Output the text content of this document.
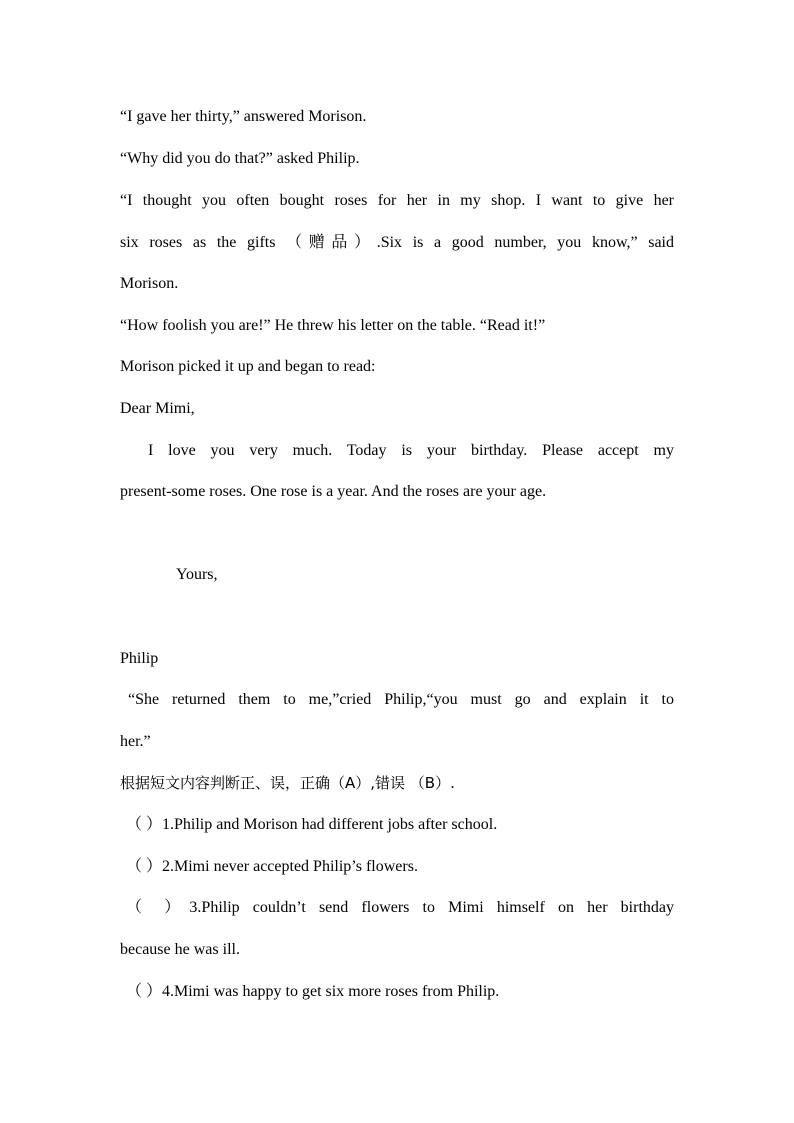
“I gave her thirty,” answered Morison.
“Why did you do that?” asked Philip.
“I thought you often bought roses for her in my shop. I want to give her
six roses as the gifts （赠品）.Six is a good number, you know,” said
Morison.
“How foolish you are!” He threw his letter on the table. “Read it!”
Morison picked it up and began to read:
Dear Mimi,
I love you very much. Today is your birthday. Please accept my
present-some roses. One rose is a year. And the roses are your age.
Yours,
Philip
“She returned them to me,”cried Philip,“you must go and explain it to
her.”
根据短文内容判断正、误，正确（A）,错误 （B）.
（ ）1.Philip and Morison had different jobs after school.
（ ）2.Mimi never accepted Philip’s flowers.
（ ）3.Philip couldn’t send flowers to Mimi himself on her birthday
because he was ill.
（ ）4.Mimi was happy to get six more roses from Philip.
